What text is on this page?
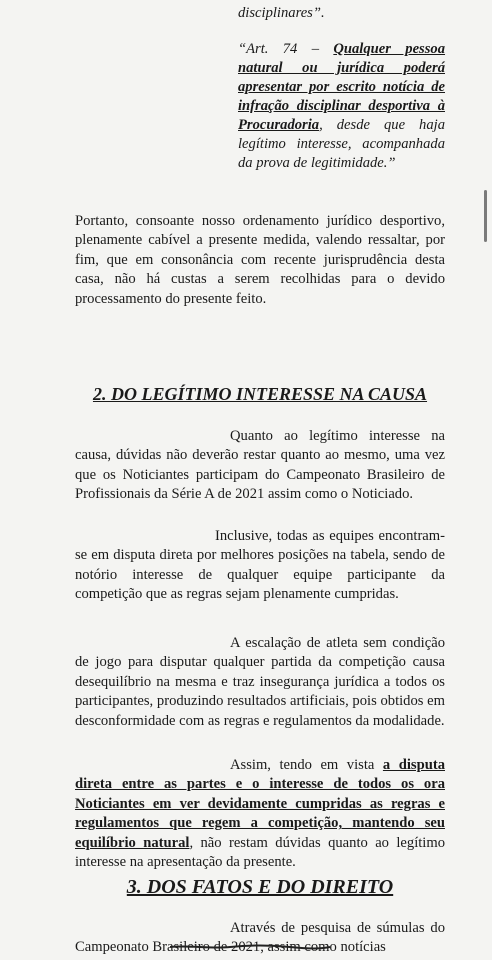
disciplinares”.

“Art. 74 – Qualquer pessoa natural ou jurídica poderá apresentar por escrito notícia de infração disciplinar desportiva à Procuradoria, desde que haja legítimo interesse, acompanhada da prova de legitimidade.”

Portanto, consoante nosso ordenamento jurídico desportivo, plenamente cabível a presente medida, valendo ressaltar, por fim, que em consonância com recente jurisprudência desta casa, não há custas a serem recolhidas para o devido processamento do presente feito.

2. DO LEGÍTIMO INTERESSE NA CAUSA

Quanto ao legítimo interesse na causa, dúvidas não deverão restar quanto ao mesmo, uma vez que os Noticiantes participam do Campeonato Brasileiro de Profissionais da Série A de 2021 assim como o Noticiado.

Inclusive, todas as equipes encontram-se em disputa direta por melhores posições na tabela, sendo de notório interesse de qualquer equipe participante da competição que as regras sejam plenamente cumpridas.

A escalação de atleta sem condição de jogo para disputar qualquer partida da competição causa desequilíbrio na mesma e traz insegurança jurídica a todos os participantes, produzindo resultados artificiais, pois obtidos em desconformidade com as regras e regulamentos da modalidade.

Assim, tendo em vista a disputa direta entre as partes e o interesse de todos os ora Noticiantes em ver devidamente cumpridas as regras e regulamentos que regem a competição, mantendo seu equilíbrio natural, não restam dúvidas quanto ao legítimo interesse na apresentação da presente.

3. DOS FATOS E DO DIREITO

Através de pesquisa de súmulas do Campeonato Brasileiro de 2021, assim como notícias
